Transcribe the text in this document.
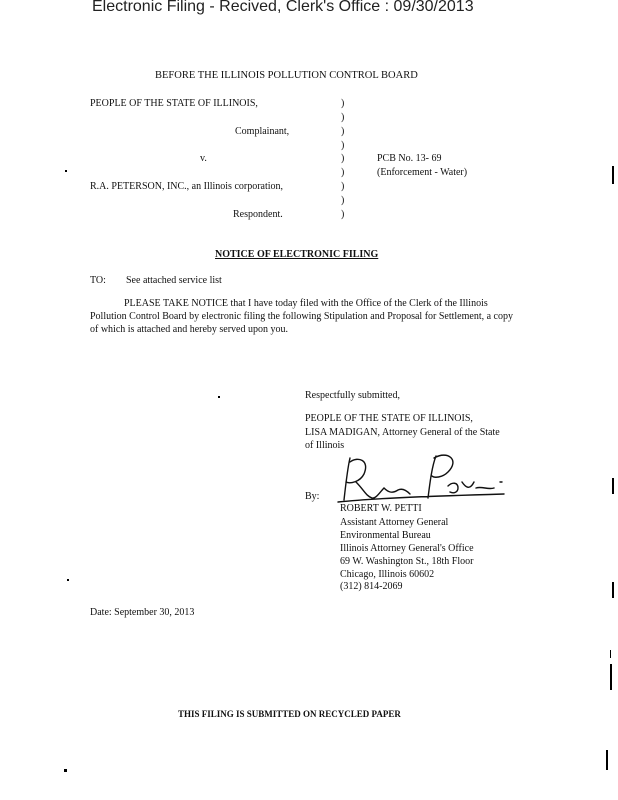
Electronic Filing - Recived, Clerk's Office : 09/30/2013
BEFORE THE ILLINOIS POLLUTION CONTROL BOARD
PEOPLE OF THE STATE OF ILLINOIS,
Complainant,
v.
R.A. PETERSON, INC., an Illinois corporation,
Respondent.
)
)
)
)
)
)
)
)
)
PCB No. 13- 69
(Enforcement - Water)
NOTICE OF ELECTRONIC FILING
TO: See attached service list
PLEASE TAKE NOTICE that I have today filed with the Office of the Clerk of the Illinois Pollution Control Board by electronic filing the following Stipulation and Proposal for Settlement, a copy of which is attached and hereby served upon you.
Respectfully submitted,
PEOPLE OF THE STATE OF ILLINOIS,
LISA MADIGAN, Attorney General of the State
of Illinois
By:
ROBERT W. PETTI
Assistant Attorney General
Environmental Bureau
Illinois Attorney General's Office
69 W. Washington St., 18th Floor
Chicago, Illinois 60602
(312) 814-2069
Date: September 30, 2013
THIS FILING IS SUBMITTED ON RECYCLED PAPER
